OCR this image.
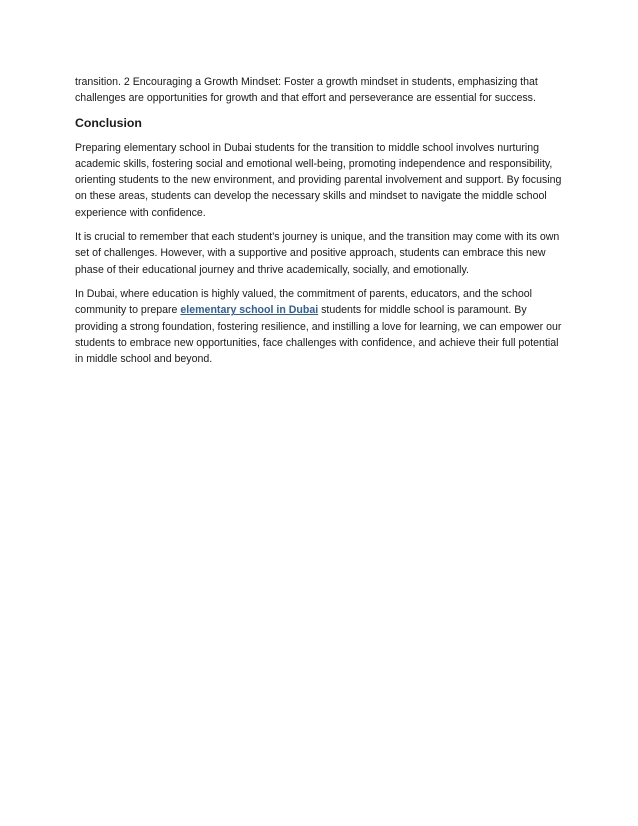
transition. 2 Encouraging a Growth Mindset: Foster a growth mindset in students, emphasizing that challenges are opportunities for growth and that effort and perseverance are essential for success.

Conclusion

Preparing elementary school in Dubai students for the transition to middle school involves nurturing academic skills, fostering social and emotional well-being, promoting independence and responsibility, orienting students to the new environment, and providing parental involvement and support. By focusing on these areas, students can develop the necessary skills and mindset to navigate the middle school experience with confidence.

It is crucial to remember that each student's journey is unique, and the transition may come with its own set of challenges. However, with a supportive and positive approach, students can embrace this new phase of their educational journey and thrive academically, socially, and emotionally.

In Dubai, where education is highly valued, the commitment of parents, educators, and the school community to prepare elementary school in Dubai students for middle school is paramount. By providing a strong foundation, fostering resilience, and instilling a love for learning, we can empower our students to embrace new opportunities, face challenges with confidence, and achieve their full potential in middle school and beyond.
